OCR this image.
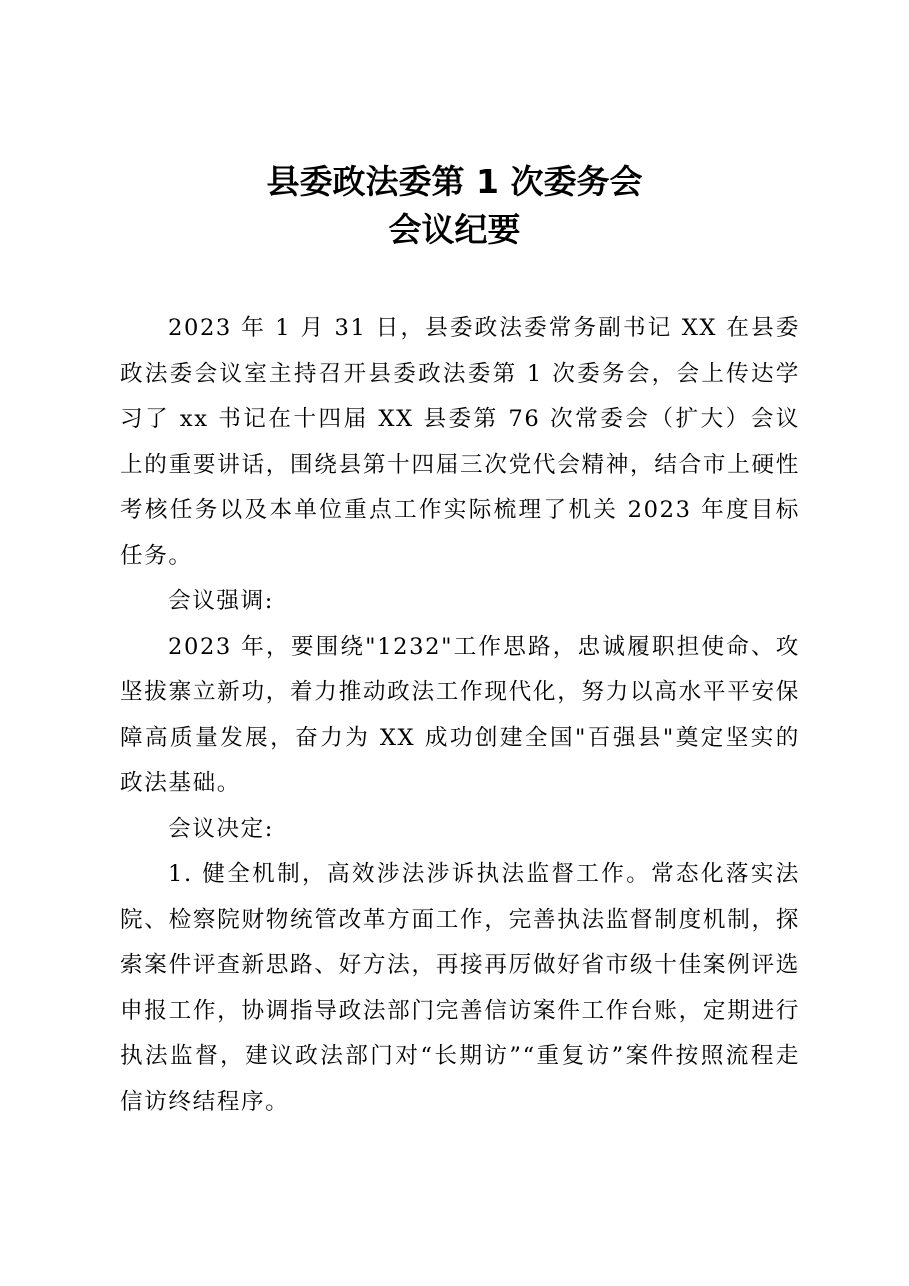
县委政法委第 1 次委务会
会议纪要

2023 年 1 月 31 日，县委政法委常务副书记 XX 在县委政法委会议室主持召开县委政法委第 1 次委务会，会上传达学习了 xx 书记在十四届 XX 县委第 76 次常委会（扩大）会议上的重要讲话，围绕县第十四届三次党代会精神，结合市上硬性考核任务以及本单位重点工作实际梳理了机关 2023 年度目标任务。

会议强调:

2023 年，要围绕"1232"工作思路，忠诚履职担使命、攻坚拔寨立新功，着力推动政法工作现代化，努力以高水平平安保障高质量发展，奋力为 XX 成功创建全国"百强县"奠定坚实的政法基础。

会议决定:

1. 健全机制，高效涉法涉诉执法监督工作。常态化落实法院、检察院财物统管改革方面工作，完善执法监督制度机制，探索案件评查新思路、好方法，再接再厉做好省市级十佳案例评选申报工作，协调指导政法部门完善信访案件工作台账，定期进行执法监督，建议政法部门对“长期访”“重复访”案件按照流程走信访终结程序。
